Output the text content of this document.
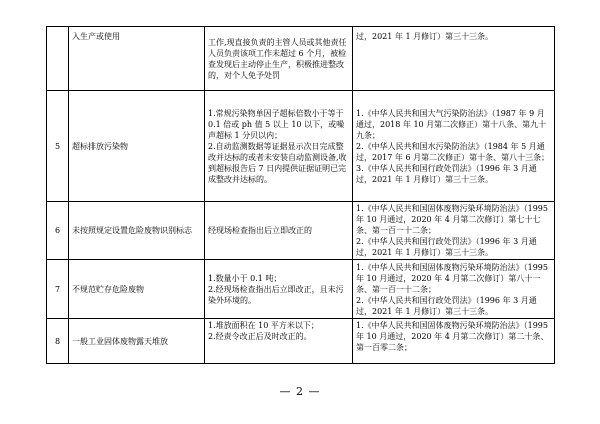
	入生产或使用	工作,现直接负责的主管人员或其他责任人员负责该项工作未超过 6 个月，被检查发现后主动停止生产，积极推进整改的，对个人免予处罚	过，2021 年 1 月修订）第三十三条。

5	超标排放污染物	1.常规污染物单因子超标倍数小于等于 0.1 倍或 ph 值 5 以上 10 以下，或噪声超标 1 分贝以内；
2.自动监测数据等证据显示次日完成整改并达标的或者未安装自动监测设备,收到超标报告后 7 日内提供证据证明已完成整改并达标的。	1.《中华人民共和国大气污染防治法》（1987 年 9 月通过，2018 年 10 月第二次修正）第十八条、第九十九条；
2.《中华人民共和国水污染防治法》（1984 年 5 月通过，2017 年 6 月第二次修正）第十条、第八十三条；
3.《中华人民共和国行政处罚法》（1996 年 3 月通过，2021 年 1 月修订）第三十三条。

6	未按照规定设置危险废物识别标志	经现场检查指出后立即改正的	1.《中华人民共和国固体废物污染环境防治法》（1995 年 10 月通过，2020 年 4 月第二次修订）第七十七条、第一百一十二条；
2.《中华人民共和国行政处罚法》（1996 年 3 月通过，2021 年 1 月修订）第三十三条。

7	不规范贮存危险废物	1.数量小于 0.1 吨；
2.经现场检查指出后立即改正，且未污染外环境的。	1.《中华人民共和国固体废物污染环境防治法》（1995 年 10 月通过，2020 年 4 月第二次修订）第八十一条、第一百一十二条；
2.《中华人民共和国行政处罚法》（1996 年 3 月通过，2021 年 1 月修订）第三十三条。

8	一般工业固体废物露天堆放	1.堆放面积在 10 平方米以下；
2.经责令改正后及时改正的。	1.《中华人民共和国固体废物污染环境防治法》（1995 年 10 月通过，2020 年 4 月第二次修订）第二十条、第一百零二条；
— 2 —
